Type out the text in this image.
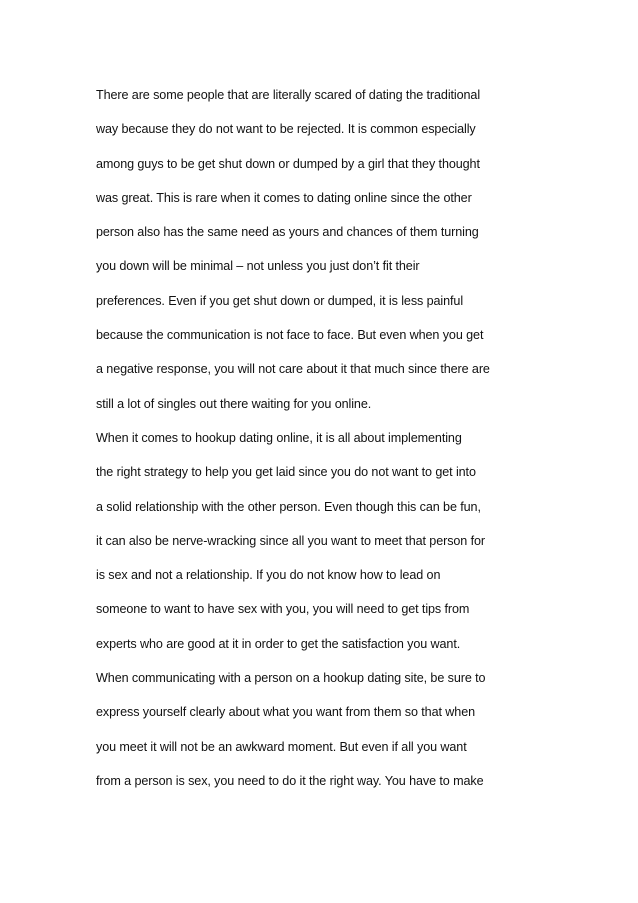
There are some people that are literally scared of dating the traditional
way because they do not want to be rejected. It is common especially
among guys to be get shut down or dumped by a girl that they thought
was great. This is rare when it comes to dating online since the other
person also has the same need as yours and chances of them turning
you down will be minimal – not unless you just don’t fit their
preferences. Even if you get shut down or dumped, it is less painful
because the communication is not face to face. But even when you get
a negative response, you will not care about it that much since there are
still a lot of singles out there waiting for you online.
When it comes to hookup dating online, it is all about implementing
the right strategy to help you get laid since you do not want to get into
a solid relationship with the other person. Even though this can be fun,
it can also be nerve-wracking since all you want to meet that person for
is sex and not a relationship. If you do not know how to lead on
someone to want to have sex with you, you will need to get tips from
experts who are good at it in order to get the satisfaction you want.
When communicating with a person on a hookup dating site, be sure to
express yourself clearly about what you want from them so that when
you meet it will not be an awkward moment. But even if all you want
from a person is sex, you need to do it the right way. You have to make
